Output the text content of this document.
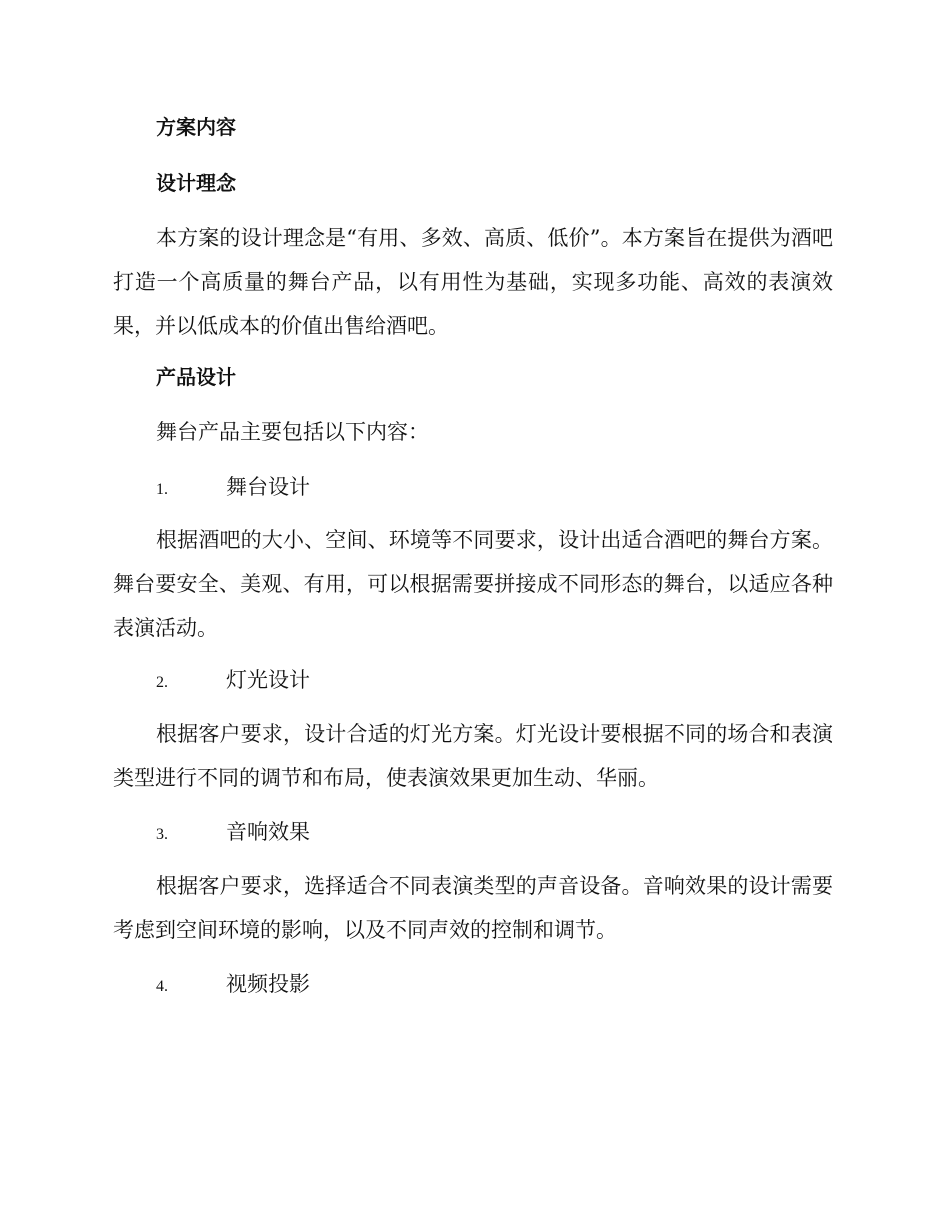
方案内容
设计理念
本方案的设计理念是“有用、多效、高质、低价”。本方案旨在提供为酒吧打造一个高质量的舞台产品，以有用性为基础，实现多功能、高效的表演效果，并以低成本的价值出售给酒吧。
产品设计
舞台产品主要包括以下内容：
1.	舞台设计
根据酒吧的大小、空间、环境等不同要求，设计出适合酒吧的舞台方案。舞台要安全、美观、有用，可以根据需要拼接成不同形态的舞台，以适应各种表演活动。
2.	灯光设计
根据客户要求，设计合适的灯光方案。灯光设计要根据不同的场合和表演类型进行不同的调节和布局，使表演效果更加生动、华丽。
3.	音响效果
根据客户要求，选择适合不同表演类型的声音设备。音响效果的设计需要考虑到空间环境的影响，以及不同声效的控制和调节。
4.	视频投影
